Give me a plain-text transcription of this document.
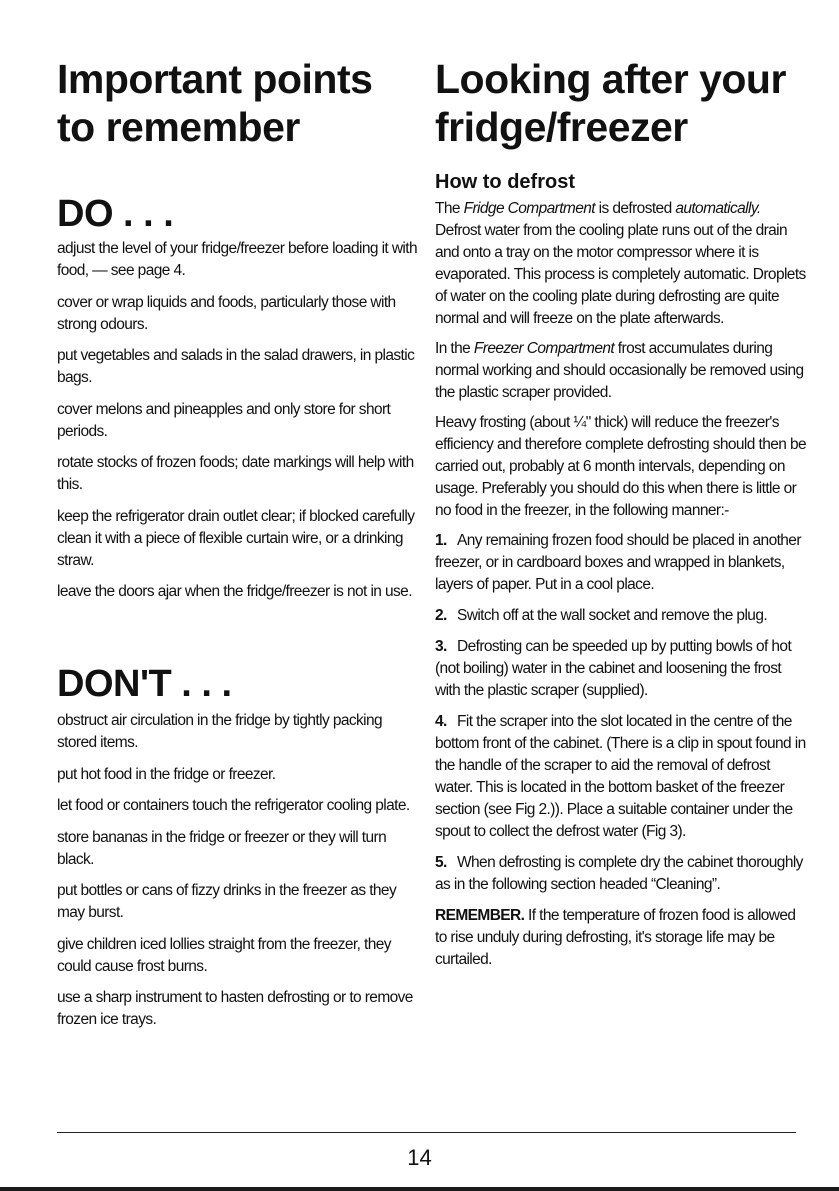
Important points
to remember
DO . . .
adjust the level of your fridge/freezer before loading it with food, — see page 4.
cover or wrap liquids and foods, particularly those with strong odours.
put vegetables and salads in the salad drawers, in plastic bags.
cover melons and pineapples and only store for short periods.
rotate stocks of frozen foods; date markings will help with this.
keep the refrigerator drain outlet clear; if blocked carefully clean it with a piece of flexible curtain wire, or a drinking straw.
leave the doors ajar when the fridge/freezer is not in use.
DON'T . . .
obstruct air circulation in the fridge by tightly packing stored items.
put hot food in the fridge or freezer.
let food or containers touch the refrigerator cooling plate.
store bananas in the fridge or freezer or they will turn black.
put bottles or cans of fizzy drinks in the freezer as they may burst.
give children iced lollies straight from the freezer, they could cause frost burns.
use a sharp instrument to hasten defrosting or to remove frozen ice trays.
Looking after your
fridge/freezer
How to defrost

The Fridge Compartment is defrosted automatically. Defrost water from the cooling plate runs out of the drain and onto a tray on the motor compressor where it is evaporated. This process is completely automatic. Droplets of water on the cooling plate during defrosting are quite normal and will freeze on the plate afterwards.

In the Freezer Compartment frost accumulates during normal working and should occasionally be removed using the plastic scraper provided.

Heavy frosting (about ¼" thick) will reduce the freezer's efficiency and therefore complete defrosting should then be carried out, probably at 6 month intervals, depending on usage. Preferably you should do this when there is little or no food in the freezer, in the following manner:-

1. Any remaining frozen food should be placed in another freezer, or in cardboard boxes and wrapped in blankets, layers of paper. Put in a cool place.

2. Switch off at the wall socket and remove the plug.

3. Defrosting can be speeded up by putting bowls of hot (not boiling) water in the cabinet and loosening the frost with the plastic scraper (supplied).

4. Fit the scraper into the slot located in the centre of the bottom front of the cabinet. (There is a clip in spout found in the handle of the scraper to aid the removal of defrost water. This is located in the bottom basket of the freezer section (see Fig 2.)). Place a suitable container under the spout to collect the defrost water (Fig 3).

5. When defrosting is complete dry the cabinet thoroughly as in the following section headed “Cleaning”.

REMEMBER. If the temperature of frozen food is allowed to rise unduly during defrosting, it's storage life may be curtailed.

14
